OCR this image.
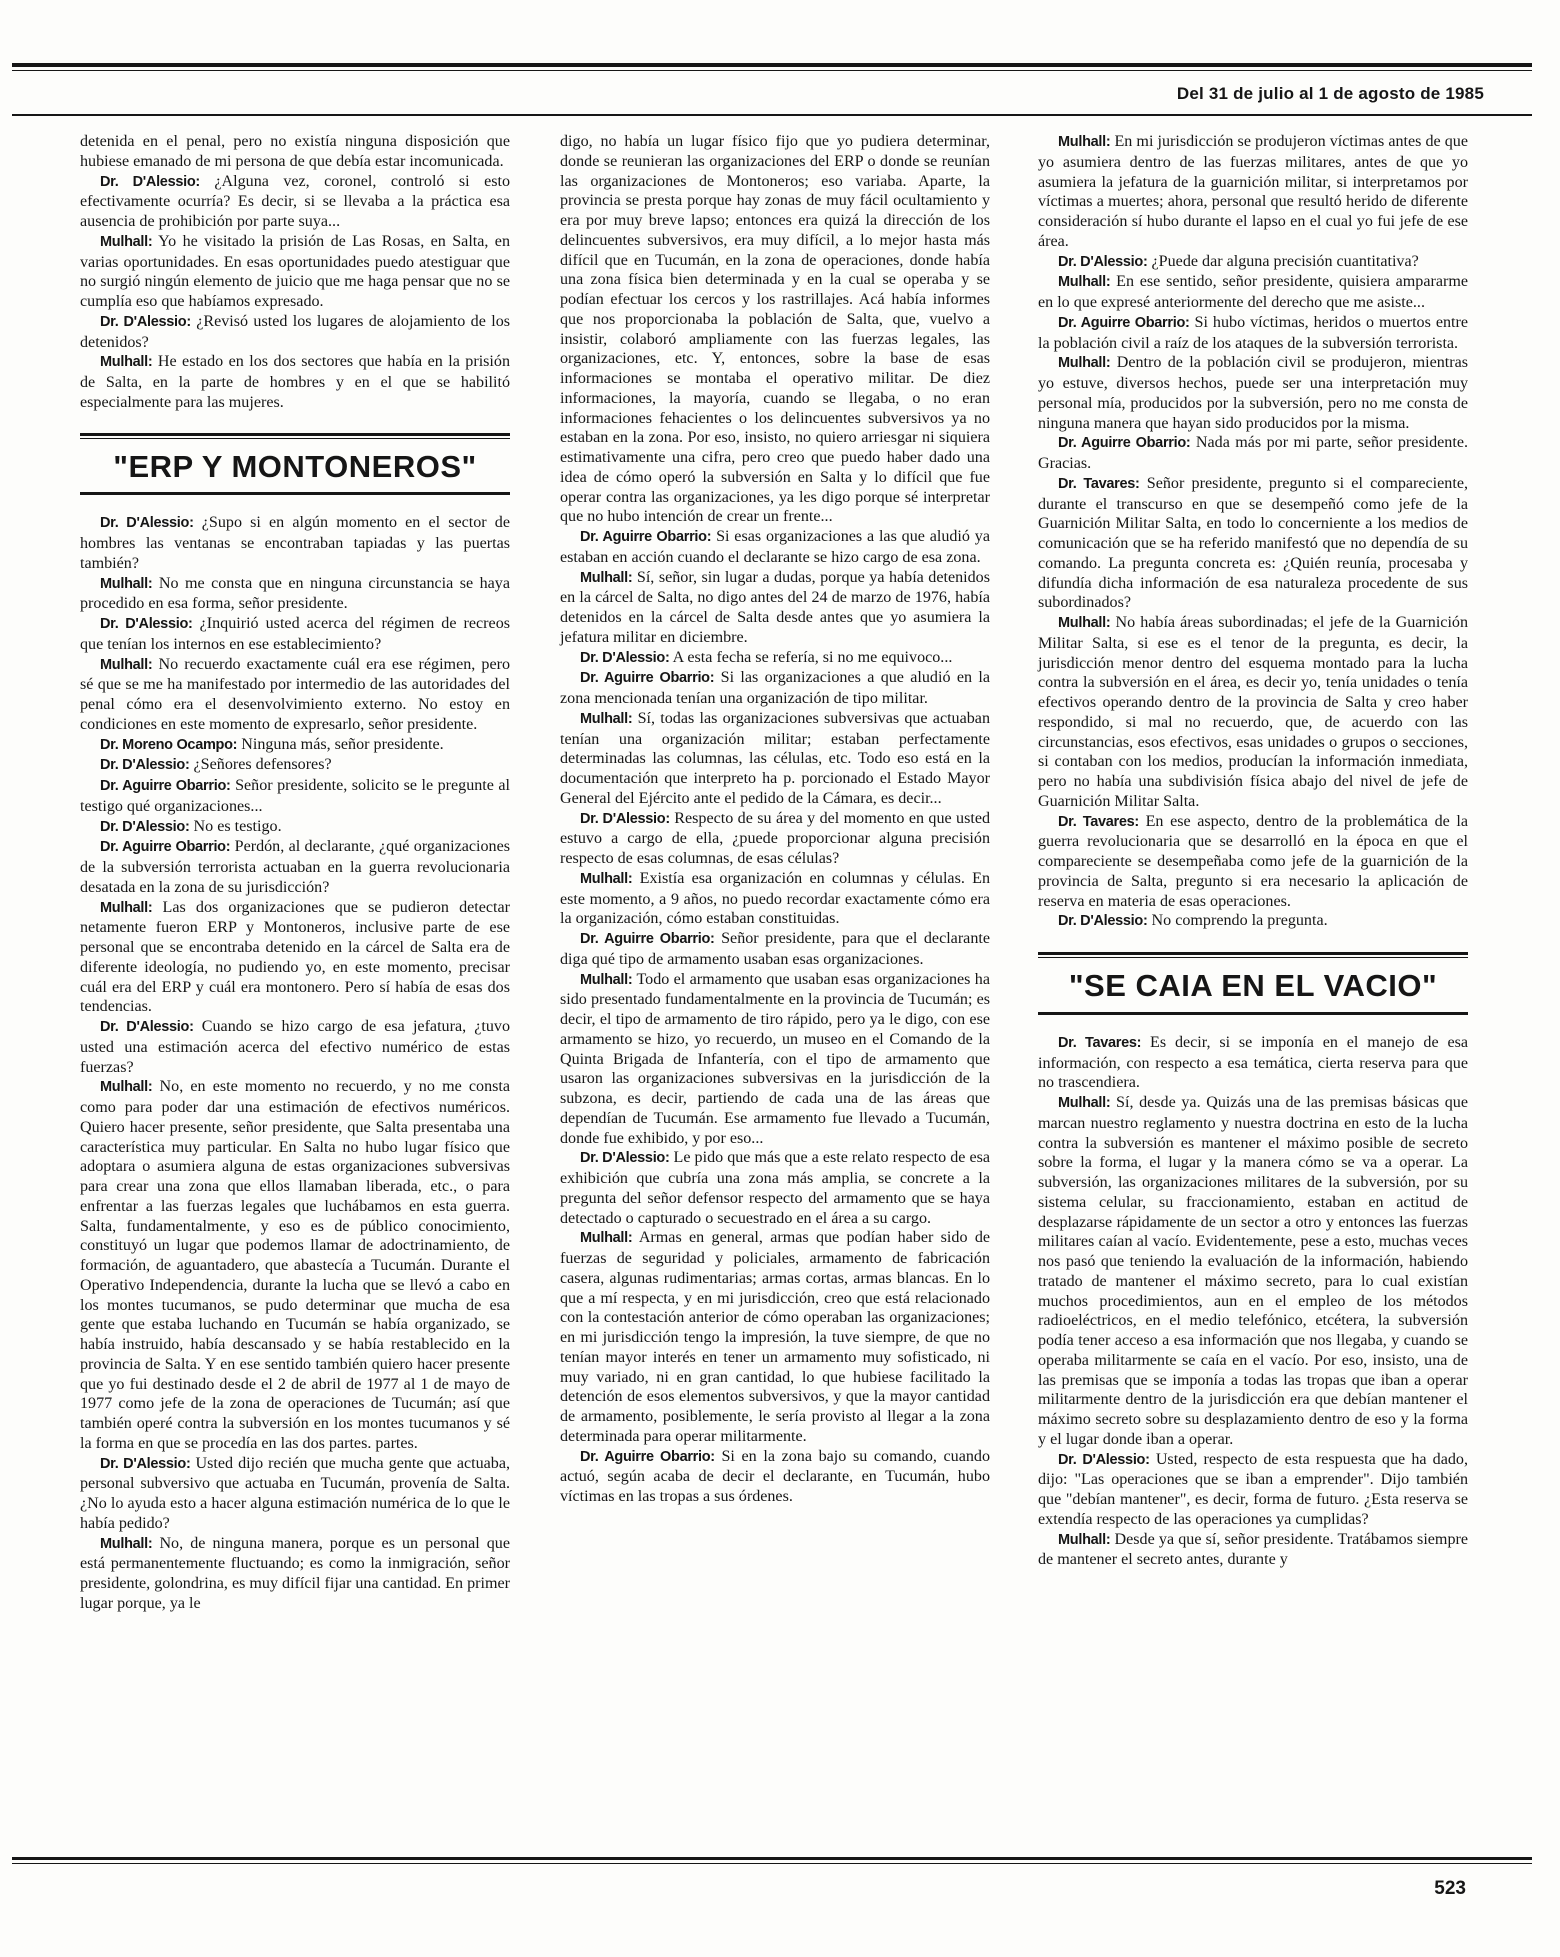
Del 31 de julio al 1 de agosto de 1985

detenida en el penal, pero no existía ninguna disposición que hubiese emanado de mi persona de que debía estar incomunicada.

Dr. D'Alessio: ¿Alguna vez, coronel, controló si esto efectivamente ocurría? Es decir, si se llevaba a la práctica esa ausencia de prohibición por parte suya...

Mulhall: Yo he visitado la prisión de Las Rosas, en Salta, en varias oportunidades. En esas oportunidades puedo atestiguar que no surgió ningún elemento de juicio que me haga pensar que no se cumplía eso que habíamos expresado.

Dr. D'Alessio: ¿Revisó usted los lugares de alojamiento de los detenidos?

Mulhall: He estado en los dos sectores que había en la prisión de Salta, en la parte de hombres y en el que se habilitó especialmente para las mujeres.

"ERP Y MONTONEROS"

Dr. D'Alessio: ¿Supo si en algún momento en el sector de hombres las ventanas se encontraban tapiadas y las puertas también?

Mulhall: No me consta que en ninguna circunstancia se haya procedido en esa forma, señor presidente.

Dr. D'Alessio: ¿Inquirió usted acerca del régimen de recreos que tenían los internos en ese establecimiento?

Mulhall: No recuerdo exactamente cuál era ese régimen, pero sé que se me ha manifestado por intermedio de las autoridades del penal cómo era el desenvolvimiento externo. No estoy en condiciones en este momento de expresarlo, señor presidente.

Dr. Moreno Ocampo: Ninguna más, señor presidente.

Dr. D'Alessio: ¿Señores defensores?

Dr. Aguirre Obarrio: Señor presidente, solicito se le pregunte al testigo qué organizaciones...

Dr. D'Alessio: No es testigo.

Dr. Aguirre Obarrio: Perdón, al declarante, ¿qué organizaciones de la subversión terrorista actuaban en la guerra revolucionaria desatada en la zona de su jurisdicción?

Mulhall: Las dos organizaciones que se pudieron detectar netamente fueron ERP y Montoneros, inclusive parte de ese personal que se encontraba detenido en la cárcel de Salta era de diferente ideología, no pudiendo yo, en este momento, precisar cuál era del ERP y cuál era montonero. Pero sí había de esas dos tendencias.

Dr. D'Alessio: Cuando se hizo cargo de esa jefatura, ¿tuvo usted una estimación acerca del efectivo numérico de estas fuerzas?

Mulhall: No, en este momento no recuerdo, y no me consta como para poder dar una estimación de efectivos numéricos. Quiero hacer presente, señor presidente, que Salta presentaba una característica muy particular. En Salta no hubo lugar físico que adoptara o asumiera alguna de estas organizaciones subversivas para crear una zona que ellos llamaban liberada, etc., o para enfrentar a las fuerzas legales que luchábamos en esta guerra. Salta, fundamentalmente, y eso es de público conocimiento, constituyó un lugar que podemos llamar de adoctrinamiento, de formación, de aguantadero, que abastecía a Tucumán. Durante el Operativo Independencia, durante la lucha que se llevó a cabo en los montes tucumanos, se pudo determinar que mucha de esa gente que estaba luchando en Tucumán se había organizado, se había instruido, había descansado y se había restablecido en la provincia de Salta. Y en ese sentido también quiero hacer presente que yo fui destinado desde el 2 de abril de 1977 al 1 de mayo de 1977 como jefe de la zona de operaciones de Tucumán; así que también operé contra la subversión en los montes tucumanos y sé la forma en que se procedía en las dos partes. partes.

Dr. D'Alessio: Usted dijo recién que mucha gente que actuaba, personal subversivo que actuaba en Tucumán, provenía de Salta. ¿No lo ayuda esto a hacer alguna estimación numérica de lo que le había pedido?

Mulhall: No, de ninguna manera, porque es un personal que está permanentemente fluctuando; es como la inmigración, señor presidente, golondrina, es muy difícil fijar una cantidad. En primer lugar porque, ya le

digo, no había un lugar físico fijo que yo pudiera determinar, donde se reunieran las organizaciones del ERP o donde se reunían las organizaciones de Montoneros; eso variaba. Aparte, la provincia se presta porque hay zonas de muy fácil ocultamiento y era por muy breve lapso; entonces era quizá la dirección de los delincuentes subversivos, era muy difícil, a lo mejor hasta más difícil que en Tucumán, en la zona de operaciones, donde había una zona física bien determinada y en la cual se operaba y se podían efectuar los cercos y los rastrillajes. Acá había informes que nos proporcionaba la población de Salta, que, vuelvo a insistir, colaboró ampliamente con las fuerzas legales, las organizaciones, etc. Y, entonces, sobre la base de esas informaciones se montaba el operativo militar. De diez informaciones, la mayoría, cuando se llegaba, o no eran informaciones fehacientes o los delincuentes subversivos ya no estaban en la zona. Por eso, insisto, no quiero arriesgar ni siquiera estimativamente una cifra, pero creo que puedo haber dado una idea de cómo operó la subversión en Salta y lo difícil que fue operar contra las organizaciones, ya les digo porque sé interpretar que no hubo intención de crear un frente...

Dr. Aguirre Obarrio: Si esas organizaciones a las que aludió ya estaban en acción cuando el declarante se hizo cargo de esa zona.

Mulhall: Sí, señor, sin lugar a dudas, porque ya había detenidos en la cárcel de Salta, no digo antes del 24 de marzo de 1976, había detenidos en la cárcel de Salta desde antes que yo asumiera la jefatura militar en diciembre.

Dr. D'Alessio: A esta fecha se refería, si no me equivoco...

Dr. Aguirre Obarrio: Si las organizaciones a que aludió en la zona mencionada tenían una organización de tipo militar.

Mulhall: Sí, todas las organizaciones subversivas que actuaban tenían una organización militar; estaban perfectamente determinadas las columnas, las células, etc. Todo eso está en la documentación que interpreto ha p. porcionado el Estado Mayor General del Ejército ante el pedido de la Cámara, es decir...

Dr. D'Alessio: Respecto de su área y del momento en que usted estuvo a cargo de ella, ¿puede proporcionar alguna precisión respecto de esas columnas, de esas células?

Mulhall: Existía esa organización en columnas y células. En este momento, a 9 años, no puedo recordar exactamente cómo era la organización, cómo estaban constituidas.

Dr. Aguirre Obarrio: Señor presidente, para que el declarante diga qué tipo de armamento usaban esas organizaciones.

Mulhall: Todo el armamento que usaban esas organizaciones ha sido presentado fundamentalmente en la provincia de Tucumán; es decir, el tipo de armamento de tiro rápido, pero ya le digo, con ese armamento se hizo, yo recuerdo, un museo en el Comando de la Quinta Brigada de Infantería, con el tipo de armamento que usaron las organizaciones subversivas en la jurisdicción de la subzona, es decir, partiendo de cada una de las áreas que dependían de Tucumán. Ese armamento fue llevado a Tucumán, donde fue exhibido, y por eso...

Dr. D'Alessio: Le pido que más que a este relato respecto de esa exhibición que cubría una zona más amplia, se concrete a la pregunta del señor defensor respecto del armamento que se haya detectado o capturado o secuestrado en el área a su cargo.

Mulhall: Armas en general, armas que podían haber sido de fuerzas de seguridad y policiales, armamento de fabricación casera, algunas rudimentarias; armas cortas, armas blancas. En lo que a mí respecta, y en mi jurisdicción, creo que está relacionado con la contestación anterior de cómo operaban las organizaciones; en mi jurisdicción tengo la impresión, la tuve siempre, de que no tenían mayor interés en tener un armamento muy sofisticado, ni muy variado, ni en gran cantidad, lo que hubiese facilitado la detención de esos elementos subversivos, y que la mayor cantidad de armamento, posiblemente, le sería provisto al llegar a la zona determinada para operar militarmente.

Dr. Aguirre Obarrio: Si en la zona bajo su comando, cuando actuó, según acaba de decir el declarante, en Tucumán, hubo víctimas en las tropas a sus órdenes.

Mulhall: En mi jurisdicción se produjeron víctimas antes de que yo asumiera dentro de las fuerzas militares, antes de que yo asumiera la jefatura de la guarnición militar, si interpretamos por víctimas a muertes; ahora, personal que resultó herido de diferente consideración sí hubo durante el lapso en el cual yo fui jefe de ese área.

Dr. D'Alessio: ¿Puede dar alguna precisión cuantitativa?

Mulhall: En ese sentido, señor presidente, quisiera ampararme en lo que expresé anteriormente del derecho que me asiste...

Dr. Aguirre Obarrio: Si hubo víctimas, heridos o muertos entre la población civil a raíz de los ataques de la subversión terrorista.

Mulhall: Dentro de la población civil se produjeron, mientras yo estuve, diversos hechos, puede ser una interpretación muy personal mía, producidos por la subversión, pero no me consta de ninguna manera que hayan sido producidos por la misma.

Dr. Aguirre Obarrio: Nada más por mi parte, señor presidente. Gracias.

Dr. Tavares: Señor presidente, pregunto si el compareciente, durante el transcurso en que se desempeñó como jefe de la Guarnición Militar Salta, en todo lo concerniente a los medios de comunicación que se ha referido manifestó que no dependía de su comando. La pregunta concreta es: ¿Quién reunía, procesaba y difundía dicha información de esa naturaleza procedente de sus subordinados?

Mulhall: No había áreas subordinadas; el jefe de la Guarnición Militar Salta, si ese es el tenor de la pregunta, es decir, la jurisdicción menor dentro del esquema montado para la lucha contra la subversión en el área, es decir yo, tenía unidades o tenía efectivos operando dentro de la provincia de Salta y creo haber respondido, si mal no recuerdo, que, de acuerdo con las circunstancias, esos efectivos, esas unidades o grupos o secciones, si contaban con los medios, producían la información inmediata, pero no había una subdivisión física abajo del nivel de jefe de Guarnición Militar Salta.

Dr. Tavares: En ese aspecto, dentro de la problemática de la guerra revolucionaria que se desarrolló en la época en que el compareciente se desempeñaba como jefe de la guarnición de la provincia de Salta, pregunto si era necesario la aplicación de reserva en materia de esas operaciones.

Dr. D'Alessio: No comprendo la pregunta.

"SE CAIA EN EL VACIO"

Dr. Tavares: Es decir, si se imponía en el manejo de esa información, con respecto a esa temática, cierta reserva para que no trascendiera.

Mulhall: Sí, desde ya. Quizás una de las premisas básicas que marcan nuestro reglamento y nuestra doctrina en esto de la lucha contra la subversión es mantener el máximo posible de secreto sobre la forma, el lugar y la manera cómo se va a operar. La subversión, las organizaciones militares de la subversión, por su sistema celular, su fraccionamiento, estaban en actitud de desplazarse rápidamente de un sector a otro y entonces las fuerzas militares caían al vacío. Evidentemente, pese a esto, muchas veces nos pasó que teniendo la evaluación de la información, habiendo tratado de mantener el máximo secreto, para lo cual existían muchos procedimientos, aun en el empleo de los métodos radioeléctricos, en el medio telefónico, etcétera, la subversión podía tener acceso a esa información que nos llegaba, y cuando se operaba militarmente se caía en el vacío. Por eso, insisto, una de las premisas que se imponía a todas las tropas que iban a operar militarmente dentro de la jurisdicción era que debían mantener el máximo secreto sobre su desplazamiento dentro de eso y la forma y el lugar donde iban a operar.

Dr. D'Alessio: Usted, respecto de esta respuesta que ha dado, dijo: "Las operaciones que se iban a emprender". Dijo también que "debían mantener", es decir, forma de futuro. ¿Esta reserva se extendía respecto de las operaciones ya cumplidas?

Mulhall: Desde ya que sí, señor presidente. Tratábamos siempre de mantener el secreto antes, durante y

523
